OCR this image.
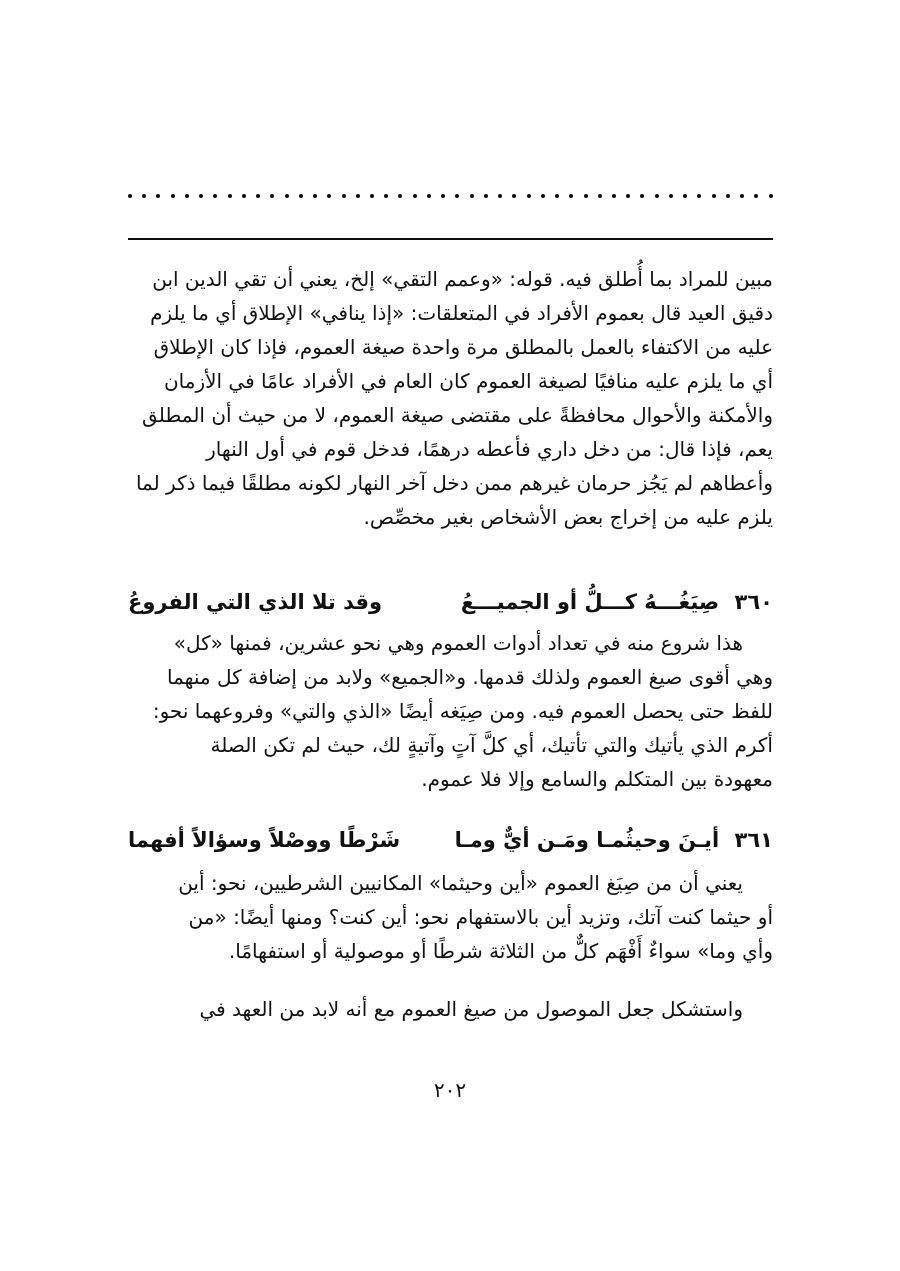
مبين للمراد بما أُطلق فيه. قوله: «وعمم التقي» إلخ، يعني أن تقي الدين ابن

دقيق العيد قال بعموم الأفراد في المتعلقات: «إذا ينافي» الإطلاق أي ما يلزم

عليه من الاكتفاء بالعمل بالمطلق مرة واحدة صيغة العموم، فإذا كان الإطلاق

أي ما يلزم عليه منافيًا لصيغة العموم كان العام في الأفراد عامًا في الأزمان

والأمكنة والأحوال محافظةً على مقتضى صيغة العموم، لا من حيث أن المطلق

يعم، فإذا قال: من دخل داري فأعطه درهمًا، فدخل قوم في أول النهار

وأعطاهم لم يَجُز حرمان غيرهم ممن دخل آخر النهار لكونه مطلقًا فيما ذكر لما

يلزم عليه من إخراج بعض الأشخاص بغير مخصِّص.

٣٦٠ صِيَغُـــهُ كـــلُّ أو الجميـــعُ
وقد تلا الذي التي الفروعُ

هذا شروع منه في تعداد أدوات العموم وهي نحو عشرين، فمنها «كل»

وهي أقوى صيغ العموم ولذلك قدمها. و«الجميع» ولابد من إضافة كل منهما

للفظ حتى يحصل العموم فيه. ومن صِيَغه أيضًا «الذي والتي» وفروعهما نحو:

أكرم الذي يأتيك والتي تأتيك، أي كلَّ آتٍ وآتيةٍ لك، حيث لم تكن الصلة

معهودة بين المتكلم والسامع وإلا فلا عموم.

٣٦١ أيـنَ وحيثُمـا ومَـن أيٌّ ومـا
شَرْطًا ووصْلاً وسؤالاً أفهما

يعني أن من صِيَغ العموم «أين وحيثما» المكانيين الشرطيين، نحو: أين

أو حيثما كنت آتك، وتزيد أين بالاستفهام نحو: أين كنت؟ ومنها أيضًا: «من

وأي وما» سواءٌ أَفْهَم كلٌّ من الثلاثة شرطًا أو موصولية أو استفهامًا.

واستشكل جعل الموصول من صيغ العموم مع أنه لابد من العهد في

٢٠٢
